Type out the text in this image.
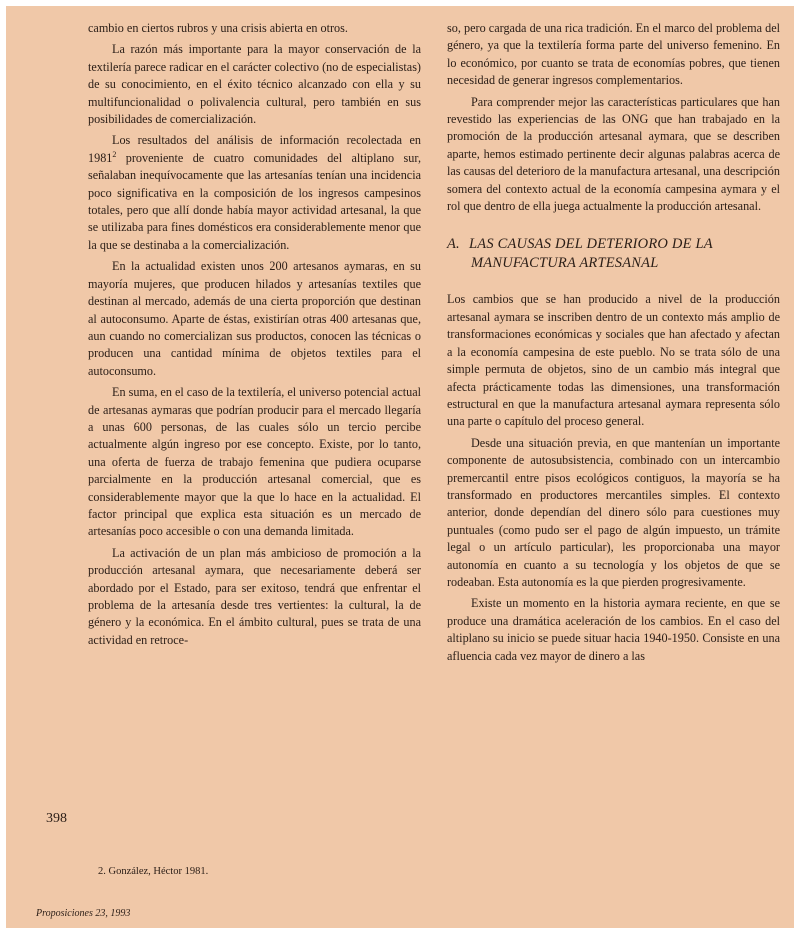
cambio en ciertos rubros y una crisis abierta en otros.

La razón más importante para la mayor conservación de la textilería parece radicar en el carácter colectivo (no de especialistas) de su conocimiento, en el éxito técnico alcanzado con ella y su multifuncionalidad o polivalencia cultural, pero también en sus posibilidades de comercialización.

Los resultados del análisis de información recolectada en 1981$^2$ proveniente de cuatro comunidades del altiplano sur, señalaban inequívocamente que las artesanías tenían una incidencia poco significativa en la composición de los ingresos campesinos totales, pero que allí donde había mayor actividad artesanal, la que se utilizaba para fines domésticos era considerablemente menor que la que se destinaba a la comercialización.

En la actualidad existen unos 200 artesanos aymaras, en su mayoría mujeres, que producen hilados y artesanías textiles que destinan al mercado, además de una cierta proporción que destinan al autoconsumo. Aparte de éstas, existirían otras 400 artesanas que, aun cuando no comercializan sus productos, conocen las técnicas o producen una cantidad mínima de objetos textiles para el autoconsumo.

En suma, en el caso de la textilería, el universo potencial actual de artesanas aymaras que podrían producir para el mercado llegaría a unas 600 personas, de las cuales sólo un tercio percibe actualmente algún ingreso por ese concepto. Existe, por lo tanto, una oferta de fuerza de trabajo femenina que pudiera ocuparse parcialmente en la producción artesanal comercial, que es considerablemente mayor que la que lo hace en la actualidad. El factor principal que explica esta situación es un mercado de artesanías poco accesible o con una demanda limitada.

La activación de un plan más ambicioso de promoción a la producción artesanal aymara, que necesariamente deberá ser abordado por el Estado, para ser exitoso, tendrá que enfrentar el problema de la artesanía desde tres vertientes: la cultural, la de género y la económica. En el ámbito cultural, pues se trata de una actividad en retroce-

so, pero cargada de una rica tradición. En el marco del problema del género, ya que la textilería forma parte del universo femenino. En lo económico, por cuanto se trata de economías pobres, que tienen necesidad de generar ingresos complementarios.

Para comprender mejor las características particulares que han revestido las experiencias de las ONG que han trabajado en la promoción de la producción artesanal aymara, que se describen aparte, hemos estimado pertinente decir algunas palabras acerca de las causas del deterioro de la manufactura artesanal, una descripción somera del contexto actual de la economía campesina aymara y el rol que dentro de ella juega actualmente la producción artesanal.

A. LAS CAUSAS DEL DETERIORO DE LA MANUFACTURA ARTESANAL

Los cambios que se han producido a nivel de la producción artesanal aymara se inscriben dentro de un contexto más amplio de transformaciones económicas y sociales que han afectado y afectan a la economía campesina de este pueblo. No se trata sólo de una simple permuta de objetos, sino de un cambio más integral que afecta prácticamente todas las dimensiones, una transformación estructural en que la manufactura artesanal aymara representa sólo una parte o capítulo del proceso general.

Desde una situación previa, en que mantenían un importante componente de autosubsistencia, combinado con un intercambio premercantil entre pisos ecológicos contiguos, la mayoría se ha transformado en productores mercantiles simples. El contexto anterior, donde dependían del dinero sólo para cuestiones muy puntuales (como pudo ser el pago de algún impuesto, un trámite legal o un artículo particular), les proporcionaba una mayor autonomía en cuanto a su tecnología y los objetos de que se rodeaban. Esta autonomía es la que pierden progresivamente.

Existe un momento en la historia aymara reciente, en que se produce una dramática aceleración de los cambios. En el caso del altiplano su inicio se puede situar hacia 1940-1950. Consiste en una afluencia cada vez mayor de dinero a las

398
2. González, Héctor 1981.
Proposiciones 23, 1993
